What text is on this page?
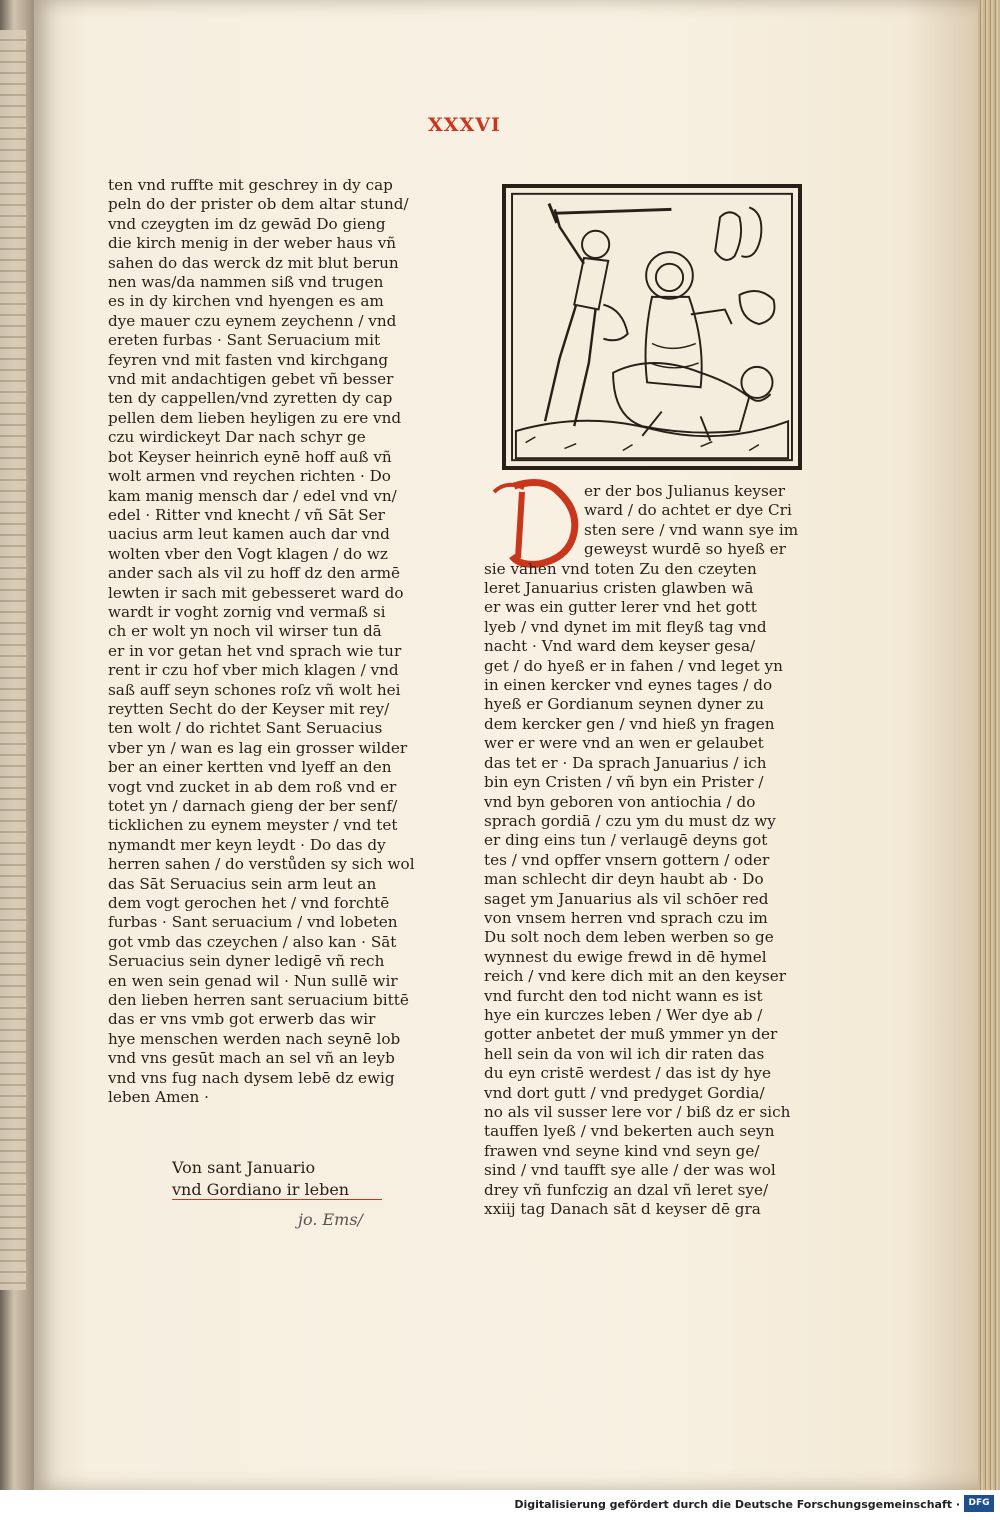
XXXVI
ten vnd ruffte mit geschrey in dy cap
peln do der prister ob dem altar stund/
vnd czeygten im dz gewād Do gieng
die kirch menig in der weber haus vñ
sahen do das werck dz mit blut berun
nen was/da nammen siß vnd trugen
es in dy kirchen vnd hyengen es am
dye mauer czu eynem zeychenn / vnd
ereten furbas · Sant Seruacium mit
feyren vnd mit fasten vnd kirchgang
vnd mit andachtigen gebet vñ besser
ten dy cappellen/vnd zyretten dy cap
pellen dem lieben heyligen zu ere vnd
czu wirdickeyt Dar nach schyr ge
bot Keyser heinrich eynē hoff auß vñ
wolt armen vnd reychen richten · Do
kam manig mensch dar / edel vnd vn/
edel · Ritter vnd knecht / vñ Sāt Ser
uacius arm leut kamen auch dar vnd
wolten vber den Vogt klagen / do wz
ander sach als vil zu hoff dz den armē
lewten ir sach mit gebesseret ward do
wardt ir voght zornig vnd vermaß si
ch er wolt yn noch vil wirser tun dā
er in vor getan het vnd sprach wie tur
rent ir czu hof vber mich klagen / vnd
saß auff seyn schones roſz vñ wolt hei
reytten Secht do der Keyser mit rey/
ten wolt / do richtet Sant Seruacius
vber yn / wan es lag ein grosser wilder
ber an einer kertten vnd lyeff an den
vogt vnd zucket in ab dem roß vnd er
totet yn / darnach gieng der ber senf/
ticklichen zu eynem meyster / vnd tet
nymandt mer keyn leydt · Do das dy
herren sahen / do verstůden sy sich wol
das Sāt Seruacius sein arm leut an
dem vogt gerochen het / vnd forchtē
furbas · Sant seruacium / vnd lobeten
got vmb das czeychen / also kan · Sāt
Seruacius sein dyner ledigē vñ rech
en wen sein genad wil · Nun sullē wir
den lieben herren sant seruacium bittē
das er vns vmb got erwerb das wir
hye menschen werden nach seynē lob
vnd vns gesūt mach an sel vñ an leyb
vnd vns fug nach dysem lebē dz ewig
leben Amen ·
Von sant Januario
vnd Gordiano ir leben
jo. Ems/
er der bos Julianus keyser
ward / do achtet er dye Cri
sten sere / vnd wann sye im
geweyst wurdē so hyeß er
sie vahen vnd toten Zu den czeyten
leret Januarius cristen glawben wā
er was ein gutter lerer vnd het gott
lyeb / vnd dynet im mit fleyß tag vnd
nacht · Vnd ward dem keyser gesa/
get / do hyeß er in fahen / vnd leget yn
in einen kercker vnd eynes tages / do
hyeß er Gordianum seynen dyner zu
dem kercker gen / vnd hieß yn fragen
wer er were vnd an wen er gelaubet
das tet er · Da sprach Januarius / ich
bin eyn Cristen / vñ byn ein Prister /
vnd byn geboren von antiochia / do
sprach gordiā / czu ym du must dz wy
er ding eins tun / verlaugē deyns got
tes / vnd opffer vnsern gottern / oder
man schlecht dir deyn haubt ab · Do
saget ym Januarius als vil schōer red
von vnsem herren vnd sprach czu im
Du solt noch dem leben werben so ge
wynnest du ewige frewd in dē hymel
reich / vnd kere dich mit an den keyser
vnd furcht den tod nicht wann es ist
hye ein kurczes leben / Wer dye ab /
gotter anbetet der muß ymmer yn der
hell sein da von wil ich dir raten das
du eyn cristē werdest / das ist dy hye
vnd dort gutt / vnd predyget Gordia/
no als vil susser lere vor / biß dz er sich
tauffen lyeß / vnd bekerten auch seyn
frawen vnd seyne kind vnd seyn ge/
sind / vnd taufft sye alle / der was wol
drey vñ funfczig an dzal vñ leret sye/
xxiij tag Danach sāt d keyser dē gra
Digitalisierung gefördert durch die Deutsche Forschungsgemeinschaft · DFG
